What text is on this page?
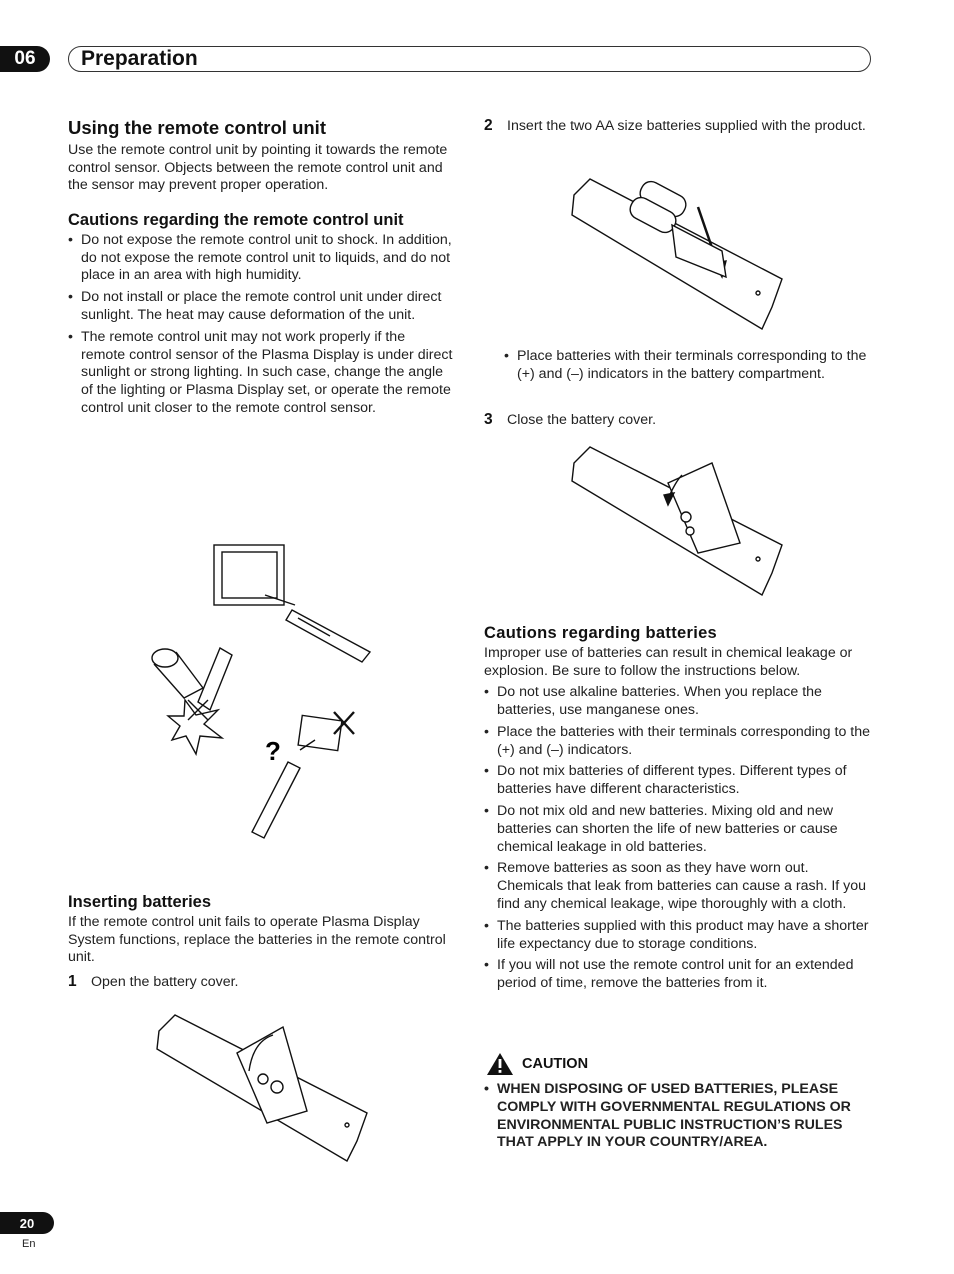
06 Preparation
Using the remote control unit
Use the remote control unit by pointing it towards the remote control sensor. Objects between the remote control unit and the sensor may prevent proper operation.
Cautions regarding the remote control unit
• Do not expose the remote control unit to shock. In addition, do not expose the remote control unit to liquids, and do not place in an area with high humidity.
• Do not install or place the remote control unit under direct sunlight. The heat may cause deformation of the unit.
• The remote control unit may not work properly if the remote control sensor of the Plasma Display is under direct sunlight or strong lighting. In such case, change the angle of the lighting or Plasma Display set, or operate the remote control unit closer to the remote control sensor.
?
Inserting batteries
If the remote control unit fails to operate Plasma Display System functions, replace the batteries in the remote control unit.
1	Open the battery cover.
2	Insert the two AA size batteries supplied with the product.
• Place batteries with their terminals corresponding to the (+) and (–) indicators in the battery compartment.
3	Close the battery cover.
Cautions regarding batteries
Improper use of batteries can result in chemical leakage or explosion. Be sure to follow the instructions below.
• Do not use alkaline batteries. When you replace the batteries, use manganese ones.
• Place the batteries with their terminals corresponding to the (+) and (–) indicators.
• Do not mix batteries of different types. Different types of batteries have different characteristics.
• Do not mix old and new batteries. Mixing old and new batteries can shorten the life of new batteries or cause chemical leakage in old batteries.
• Remove batteries as soon as they have worn out. Chemicals that leak from batteries can cause a rash. If you find any chemical leakage, wipe thoroughly with a cloth.
• The batteries supplied with this product may have a shorter life expectancy due to storage conditions.
• If you will not use the remote control unit for an extended period of time, remove the batteries from it.
CAUTION
• WHEN DISPOSING OF USED BATTERIES, PLEASE COMPLY WITH GOVERNMENTAL REGULATIONS OR ENVIRONMENTAL PUBLIC INSTRUCTION’S RULES THAT APPLY IN YOUR COUNTRY/AREA.
20
En
